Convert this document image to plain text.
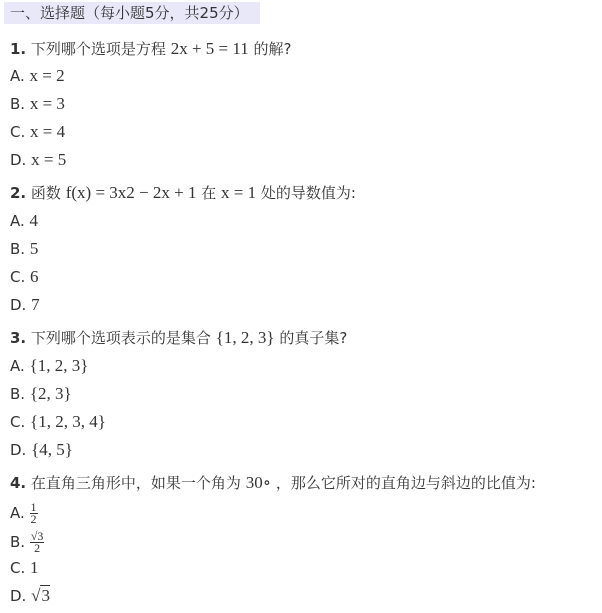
一、选择题（每小题5分，共25分）
1. 下列哪个选项是方程 2x + 5 = 11 的解?
A. x = 2
B. x = 3
C. x = 4
D. x = 5
2. 函数 f(x) = 3x2 − 2x + 1 在 x = 1 处的导数值为:
A. 4
B. 5
C. 6
D. 7
3. 下列哪个选项表示的是集合 {1, 2, 3} 的真子集?
A. {1, 2, 3}
B. {2, 3}
C. {1, 2, 3, 4}
D. {4, 5}
4. 在直角三角形中，如果一个角为 30∘ ，那么它所对的直角边与斜边的比值为:
A. $\frac{1}{2}$
B. $\frac{√3}{2}$
C. 1
D. √3
